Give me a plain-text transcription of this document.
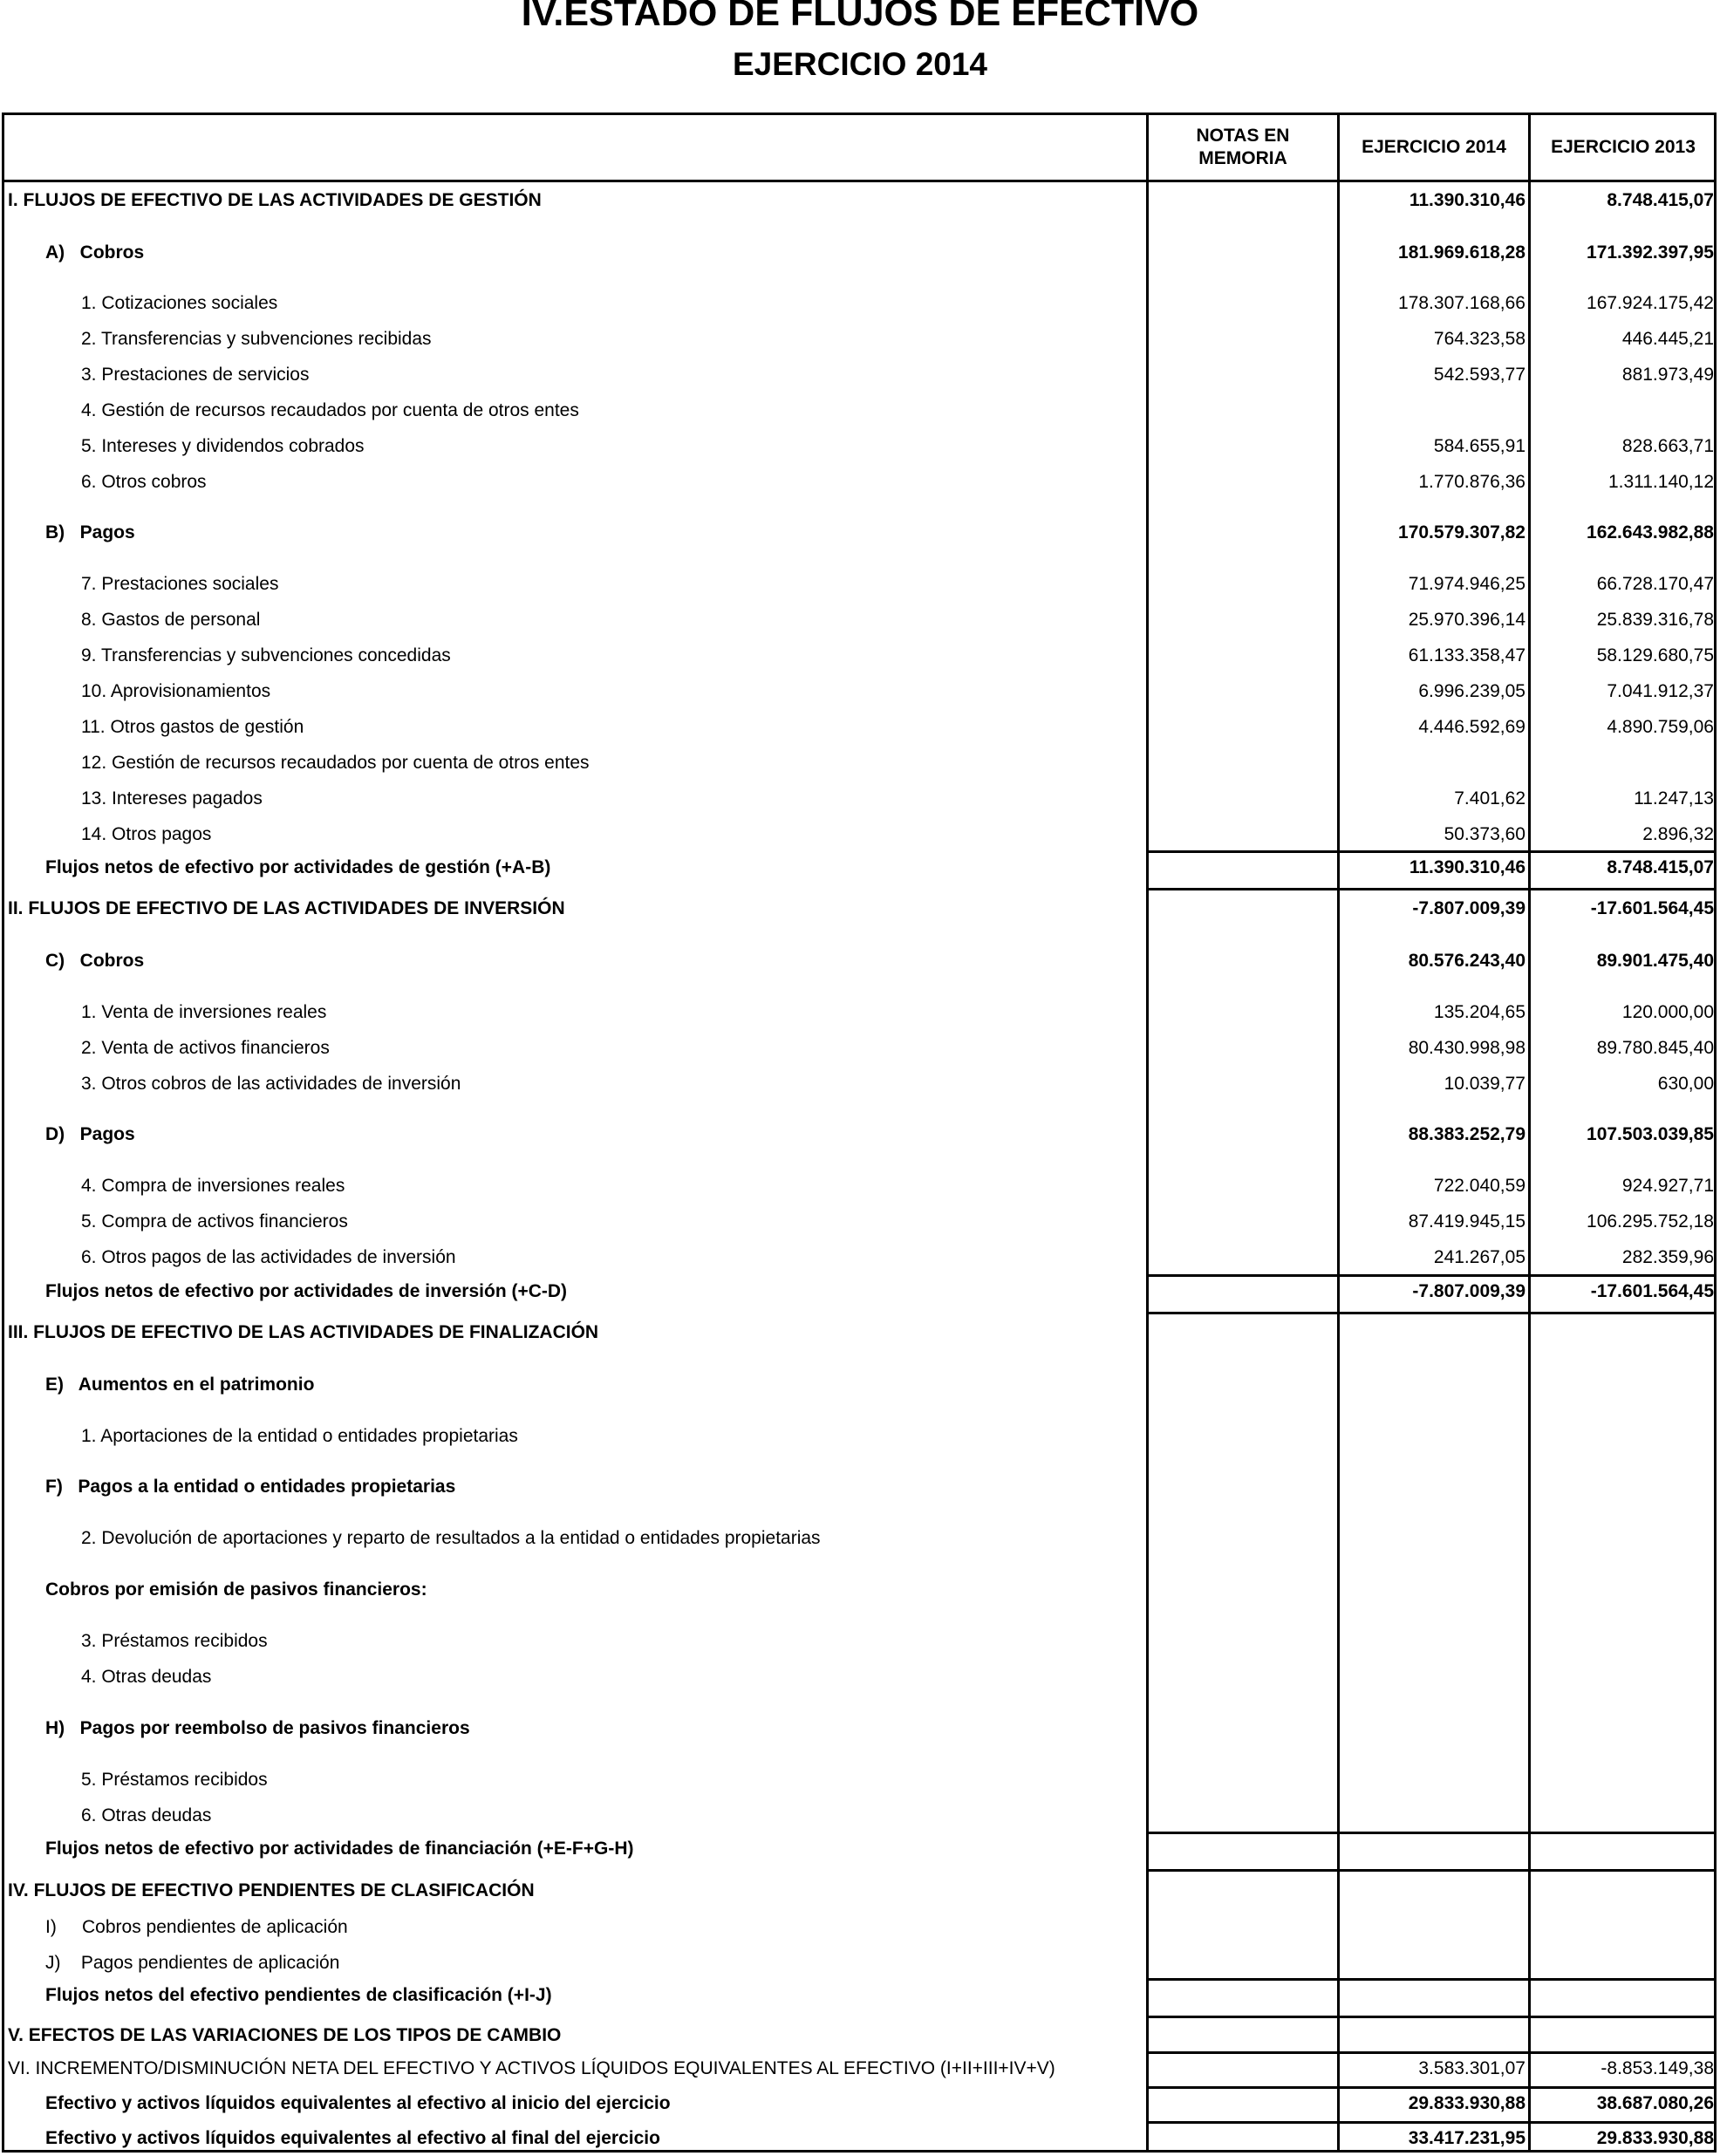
IV.ESTADO DE FLUJOS DE EFECTIVO
EJERCICIO 2014
NOTAS EN
MEMORIA
EJERCICIO 2014	EJERCICIO 2013
I. FLUJOS DE EFECTIVO DE LAS ACTIVIDADES DE GESTIÓN	11.390.310,46	8.748.415,07
A)   Cobros	181.969.618,28	171.392.397,95
1. Cotizaciones sociales	178.307.168,66	167.924.175,42
2. Transferencias y subvenciones recibidas	764.323,58	446.445,21
3. Prestaciones de servicios	542.593,77	881.973,49
4. Gestión de recursos recaudados por cuenta de otros entes
5. Intereses y dividendos cobrados	584.655,91	828.663,71
6. Otros cobros	1.770.876,36	1.311.140,12
B)   Pagos	170.579.307,82	162.643.982,88
7. Prestaciones sociales	71.974.946,25	66.728.170,47
8. Gastos de personal	25.970.396,14	25.839.316,78
9. Transferencias y subvenciones concedidas	61.133.358,47	58.129.680,75
10. Aprovisionamientos	6.996.239,05	7.041.912,37
11. Otros gastos de gestión	4.446.592,69	4.890.759,06
12. Gestión de recursos recaudados por cuenta de otros entes
13. Intereses pagados	7.401,62	11.247,13
14. Otros pagos	50.373,60	2.896,32
Flujos netos de efectivo por actividades de gestión (+A-B)	11.390.310,46	8.748.415,07
II. FLUJOS DE EFECTIVO DE LAS ACTIVIDADES DE INVERSIÓN	-7.807.009,39	-17.601.564,45
C)   Cobros	80.576.243,40	89.901.475,40
1. Venta de inversiones reales	135.204,65	120.000,00
2. Venta de activos financieros	80.430.998,98	89.780.845,40
3. Otros cobros de las actividades de inversión	10.039,77	630,00
D)   Pagos	88.383.252,79	107.503.039,85
4. Compra de inversiones reales	722.040,59	924.927,71
5. Compra de activos financieros	87.419.945,15	106.295.752,18
6. Otros pagos de las actividades de inversión	241.267,05	282.359,96
Flujos netos de efectivo por actividades de inversión (+C-D)	-7.807.009,39	-17.601.564,45
III. FLUJOS DE EFECTIVO DE LAS ACTIVIDADES DE FINALIZACIÓN
E)   Aumentos en el patrimonio
1. Aportaciones de la entidad o entidades propietarias
F)   Pagos a la entidad o entidades propietarias
2. Devolución de aportaciones y reparto de resultados a la entidad o entidades propietarias
Cobros por emisión de pasivos financieros:
3. Préstamos recibidos
4. Otras deudas
H)   Pagos por reembolso de pasivos financieros
5. Préstamos recibidos
6. Otras deudas
Flujos netos de efectivo por actividades de financiación (+E-F+G-H)
IV. FLUJOS DE EFECTIVO PENDIENTES DE CLASIFICACIÓN
I)     Cobros pendientes de aplicación
J)    Pagos pendientes de aplicación
Flujos netos del efectivo pendientes de clasificación (+I-J)
V. EFECTOS DE LAS VARIACIONES DE LOS TIPOS DE CAMBIO
VI. INCREMENTO/DISMINUCIÓN NETA DEL EFECTIVO Y ACTIVOS LÍQUIDOS EQUIVALENTES AL EFECTIVO (I+II+III+IV+V)	3.583.301,07	-8.853.149,38
Efectivo y activos líquidos equivalentes al efectivo al inicio del ejercicio	29.833.930,88	38.687.080,26
Efectivo y activos líquidos equivalentes al efectivo al final del ejercicio	33.417.231,95	29.833.930,88
